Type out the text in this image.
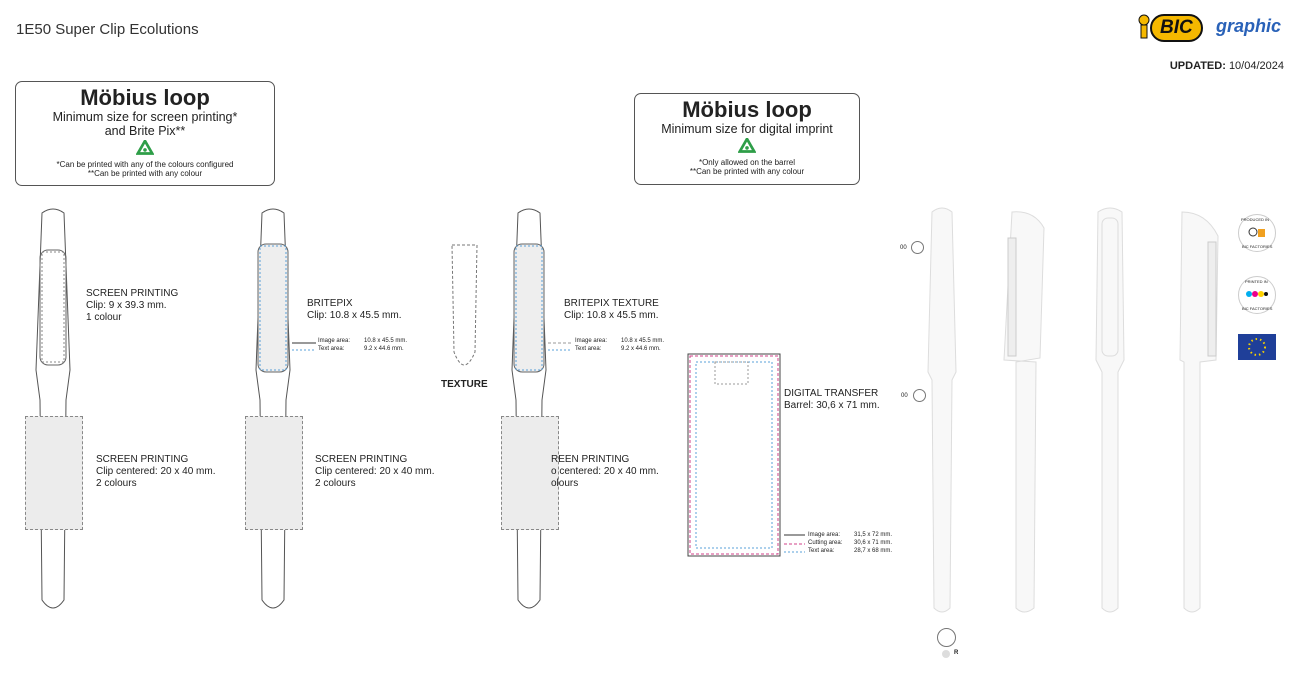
1E50 Super Clip Ecolutions	BIC	graphic
UPDATED: 10/04/2024
Möbius loop
Minimum size for screen printing*
and Brite Pix**
*Can be printed with any of the colours configured
**Can be printed with any colour
Möbius loop
Minimum size for digital imprint
*Only allowed on the barrel
**Can be printed with any colour
SCREEN PRINTING
Clip: 9 x 39.3 mm.
1 colour
SCREEN PRINTING
Clip centered: 20 x 40 mm.
2 colours
BRITEPIX
Clip: 10.8 x 45.5 mm.
Image area: 10.8 x 45.5 mm.
Text area:	9.2 x 44.6 mm.
SCREEN PRINTING
Clip centered: 20 x 40 mm.
2 colours
TEXTURE
BRITEPIX TEXTURE
Clip: 10.8 x 45.5 mm.
Image area: 10.8 x 45.5 mm.
Text area:	9.2 x 44.6 mm.
REEN PRINTING
o centered: 20 x 40 mm.
olours
DIGITAL TRANSFER
Barrel: 30,6 x 71 mm.
Image area: 31,5 x 72 mm.
Cutting area: 30,6 x 71 mm.
Text area:	28,7 x 68 mm.
00
00
R
PRODUCED IN
BIC FACTORIES
PRINTED IN
BIC FACTORIES
